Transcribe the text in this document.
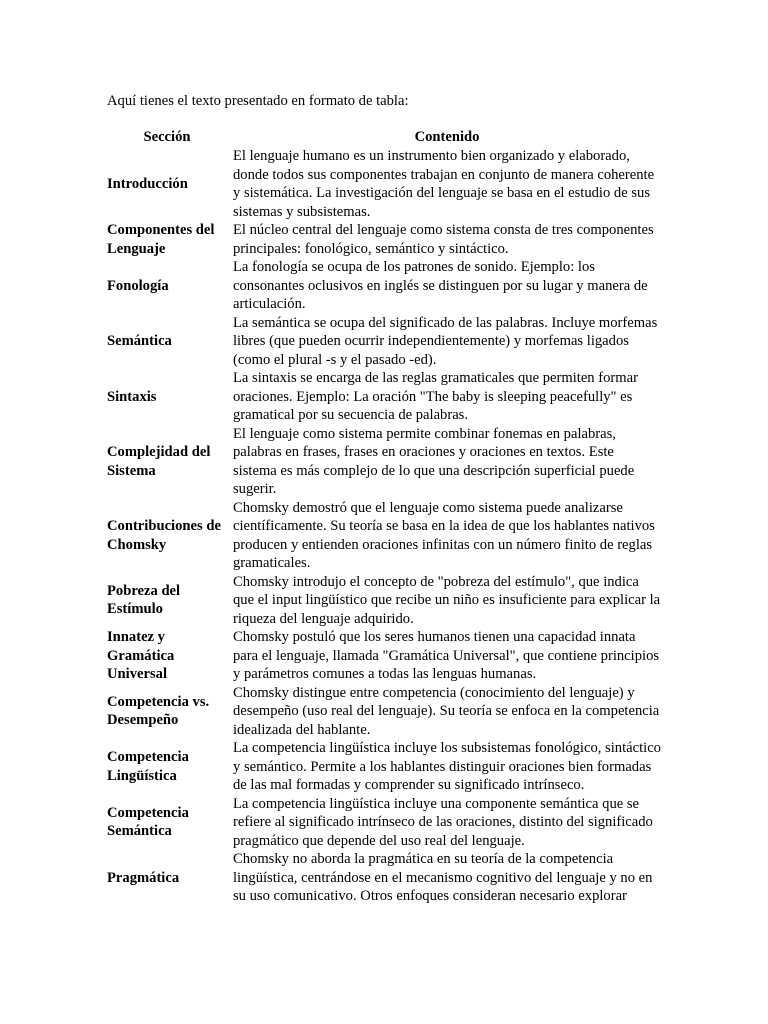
Aquí tienes el texto presentado en formato de tabla:
Sección	Contenido
Introducción	El lenguaje humano es un instrumento bien organizado y elaborado, donde todos sus componentes trabajan en conjunto de manera coherente y sistemática. La investigación del lenguaje se basa en el estudio de sus sistemas y subsistemas.
Componentes del Lenguaje	El núcleo central del lenguaje como sistema consta de tres componentes principales: fonológico, semántico y sintáctico.
Fonología	La fonología se ocupa de los patrones de sonido. Ejemplo: los consonantes oclusivos en inglés se distinguen por su lugar y manera de articulación.
Semántica	La semántica se ocupa del significado de las palabras. Incluye morfemas libres (que pueden ocurrir independientemente) y morfemas ligados (como el plural -s y el pasado -ed).
Sintaxis	La sintaxis se encarga de las reglas gramaticales que permiten formar oraciones. Ejemplo: La oración "The baby is sleeping peacefully" es gramatical por su secuencia de palabras.
Complejidad del Sistema	El lenguaje como sistema permite combinar fonemas en palabras, palabras en frases, frases en oraciones y oraciones en textos. Este sistema es más complejo de lo que una descripción superficial puede sugerir.
Contribuciones de Chomsky	Chomsky demostró que el lenguaje como sistema puede analizarse científicamente. Su teoría se basa en la idea de que los hablantes nativos producen y entienden oraciones infinitas con un número finito de reglas gramaticales.
Pobreza del Estímulo	Chomsky introdujo el concepto de "pobreza del estímulo", que indica que el input lingüístico que recibe un niño es insuficiente para explicar la riqueza del lenguaje adquirido.
Innatez y Gramática Universal	Chomsky postuló que los seres humanos tienen una capacidad innata para el lenguaje, llamada "Gramática Universal", que contiene principios y parámetros comunes a todas las lenguas humanas.
Competencia vs. Desempeño	Chomsky distingue entre competencia (conocimiento del lenguaje) y desempeño (uso real del lenguaje). Su teoría se enfoca en la competencia idealizada del hablante.
Competencia Lingüística	La competencia lingüística incluye los subsistemas fonológico, sintáctico y semántico. Permite a los hablantes distinguir oraciones bien formadas de las mal formadas y comprender su significado intrínseco.
Competencia Semántica	La competencia lingüística incluye una componente semántica que se refiere al significado intrínseco de las oraciones, distinto del significado pragmático que depende del uso real del lenguaje.
Pragmática	Chomsky no aborda la pragmática en su teoría de la competencia lingüística, centrándose en el mecanismo cognitivo del lenguaje y no en su uso comunicativo. Otros enfoques consideran necesario explorar
